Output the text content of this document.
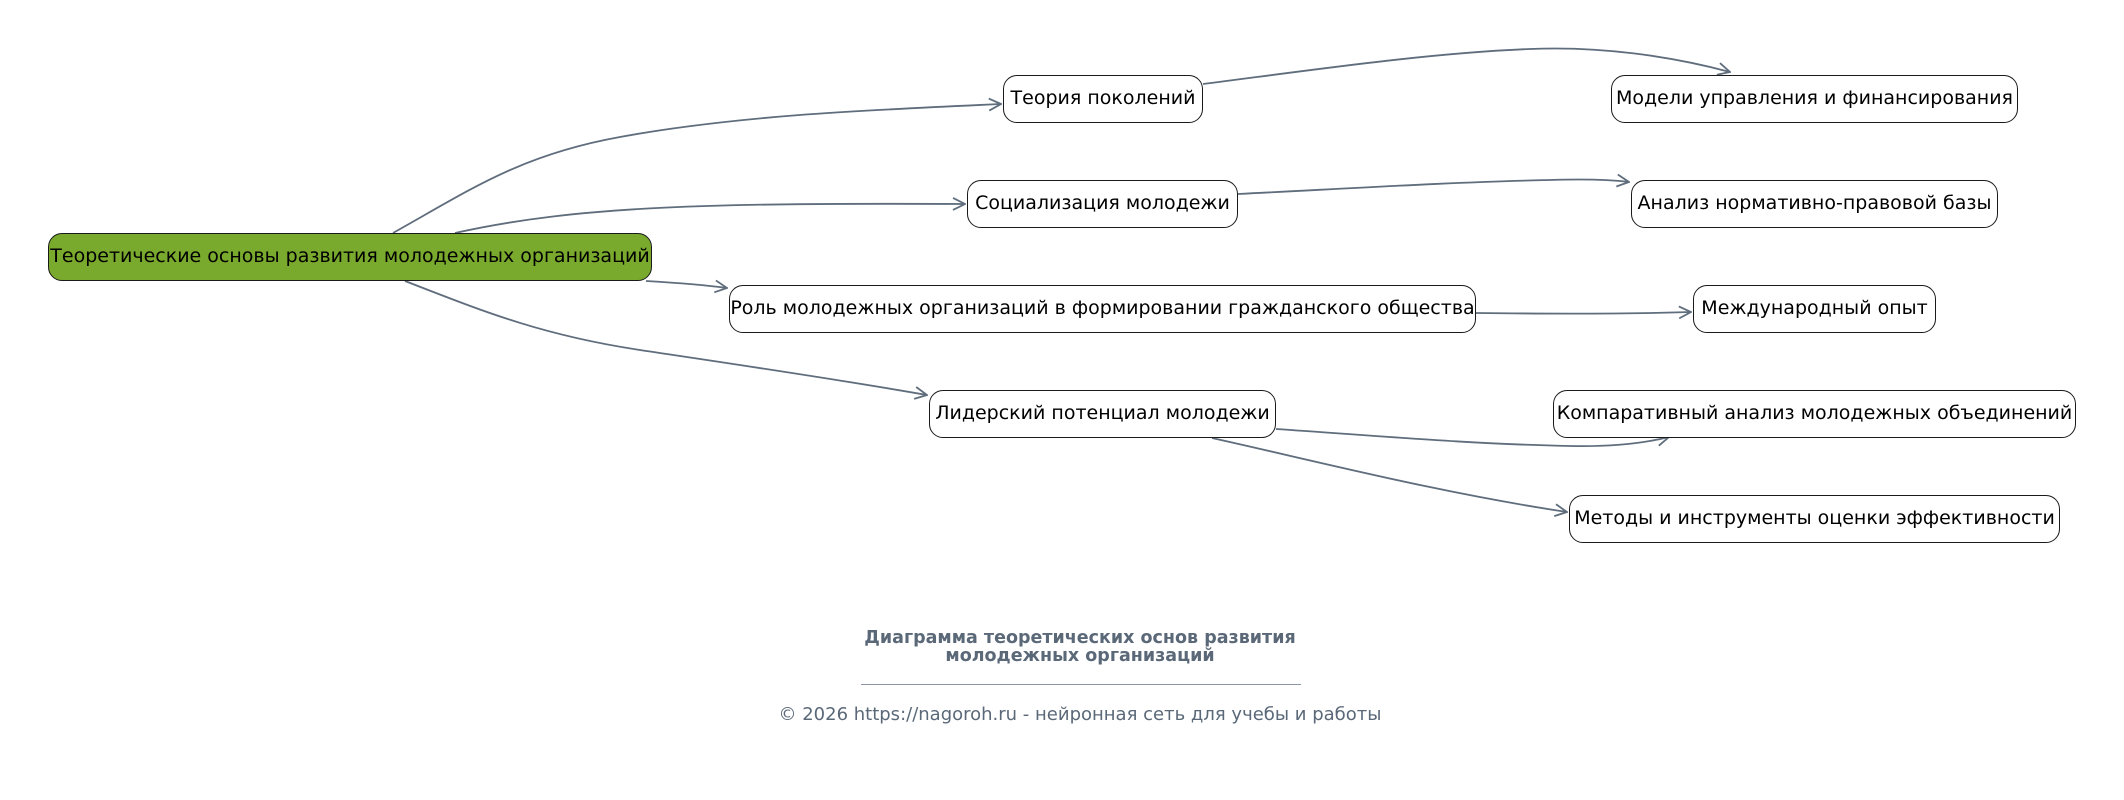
Теоретические основы развития молодежных организаций
Теория поколений
Социализация молодежи
Роль молодежных организаций в формировании гражданского общества
Лидерский потенциал молодежи
Модели управления и финансирования
Анализ нормативно-правовой базы
Международный опыт
Компаративный анализ молодежных объединений
Методы и инструменты оценки эффективности
Диаграмма теоретических основ развития
молодежных организаций
© 2026 https://nagoroh.ru - нейронная сеть для учебы и работы
